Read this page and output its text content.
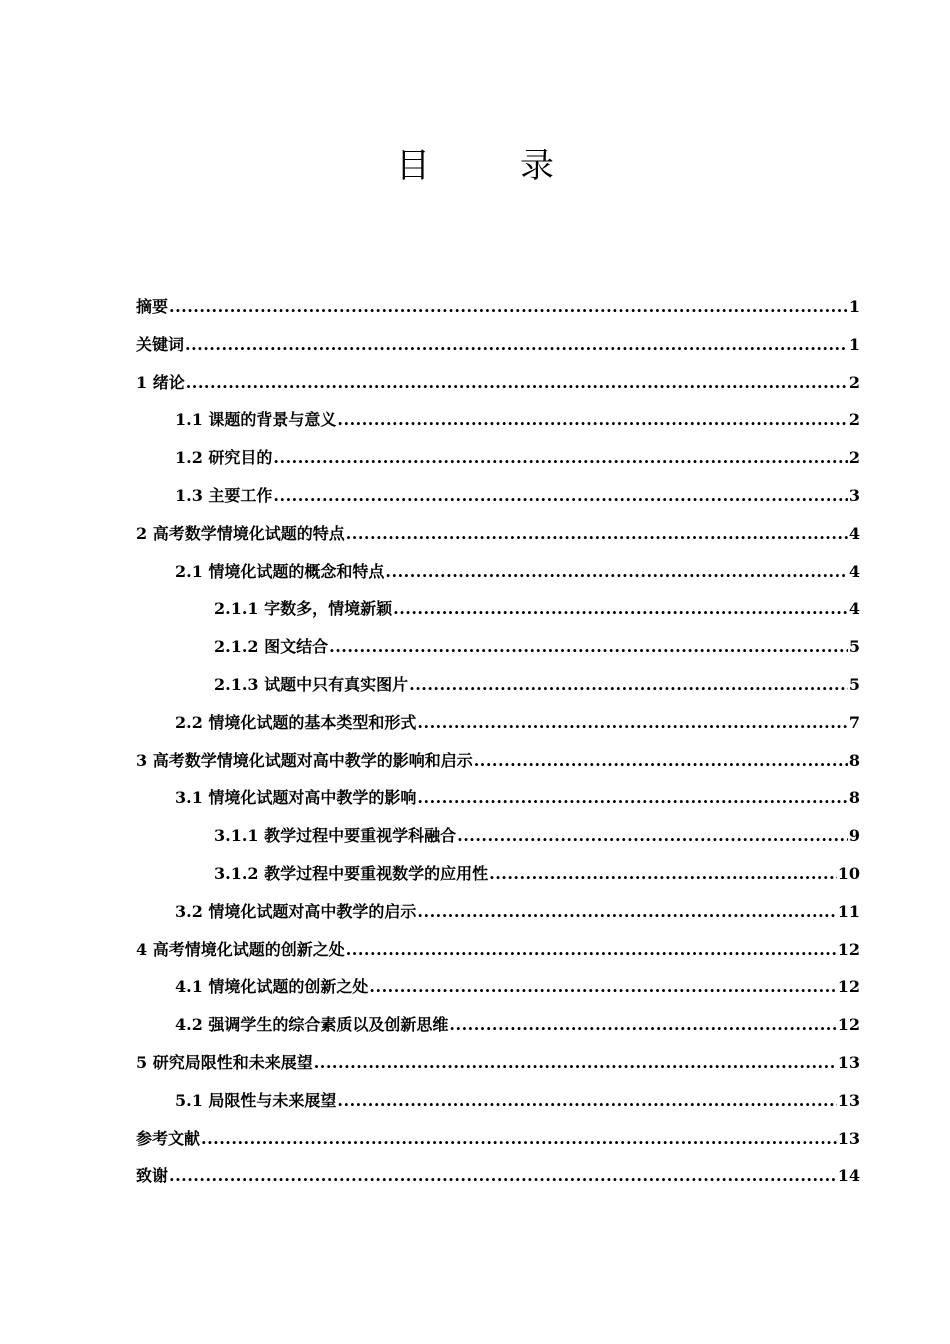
目　录
摘要 .....	1
关键词 .....	1
1 绪论 .....	2
1.1 课题的背景与意义 .....	2
1.2 研究目的 .....	2
1.3 主要工作 .....	3
2 高考数学情境化试题的特点 .....	4
2.1 情境化试题的概念和特点 .....	4
2.1.1 字数多，情境新颖 .....	4
2.1.2 图文结合 .....	5
2.1.3 试题中只有真实图片 .....	5
2.2 情境化试题的基本类型和形式 .....	7
3 高考数学情境化试题对高中教学的影响和启示 .....	8
3.1 情境化试题对高中教学的影响 .....	8
3.1.1 教学过程中要重视学科融合 .....	9
3.1.2 教学过程中要重视数学的应用性 .....	10
3.2 情境化试题对高中教学的启示 .....	11
4 高考情境化试题的创新之处 .....	12
4.1 情境化试题的创新之处 .....	12
4.2 强调学生的综合素质以及创新思维 .....	12
5 研究局限性和未来展望 .....	13
5.1 局限性与未来展望 .....	13
参考文献 .....	13
致谢 .....	14
